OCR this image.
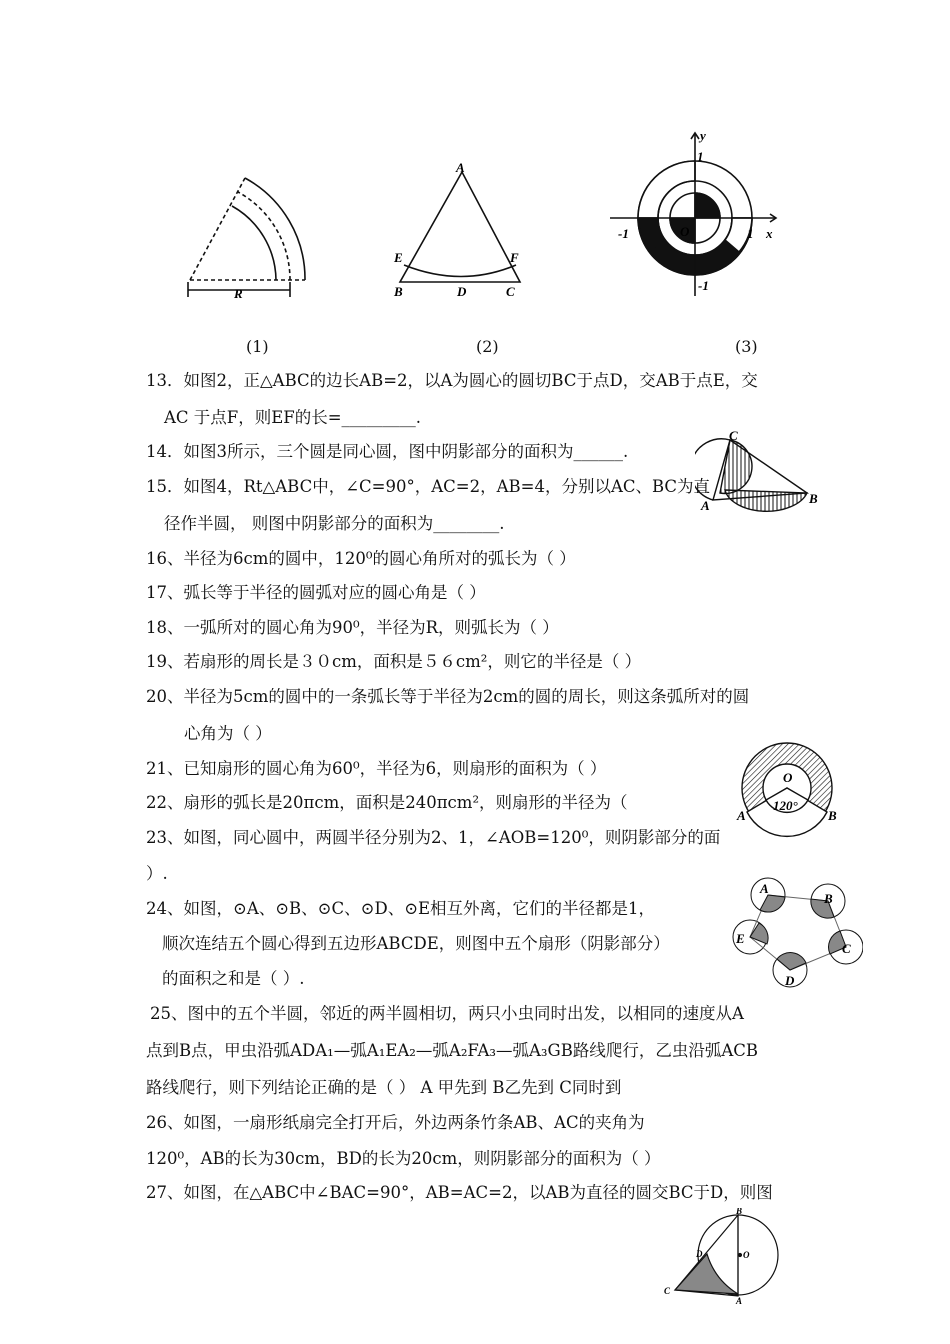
R
A
E	F
B	D	C
y
x
1
-1	O	1
-1
(1)	(2)	(3)
C
A	B
O
120°
A	B
A
B
C
D
E
B
D	O
C
A
13．如图2，正△ABC的边长AB=2，以A为圆心的圆切BC于点D，交AB于点E，交
AC 于点F，则EF的长=_________.
14．如图3所示，三个圆是同心圆，图中阴影部分的面积为______.
15．如图4，Rt△ABC中，∠C=90°，AC=2，AB=4，分别以AC、BC为直
径作半圆， 则图中阴影部分的面积为________.
16、半径为6cm的圆中，120⁰的圆心角所对的弧长为（ ）
17、弧长等于半径的圆弧对应的圆心角是（ ）
18、一弧所对的圆心角为90⁰，半径为R，则弧长为（ ）
19、若扇形的周长是３０cm，面积是５６cm²，则它的半径是（ ）
20、半径为5cm的圆中的一条弧长等于半径为2cm的圆的周长，则这条弧所对的圆
心角为（ ）
21、已知扇形的圆心角为60⁰，半径为6，则扇形的面积为（ ）
22、扇形的弧长是20πcm，面积是240πcm²，则扇形的半径为（
23、如图，同心圆中，两圆半径分别为2、1，∠AOB=120⁰，则阴影部分的面
）.
24、如图，⊙A、⊙B、⊙C、⊙D、⊙E相互外离，它们的半径都是1，
顺次连结五个圆心得到五边形ABCDE，则图中五个扇形（阴影部分）
的面积之和是（ ）.
25、图中的五个半圆，邻近的两半圆相切，两只小虫同时出发，以相同的速度从A
点到B点，甲虫沿弧ADA₁—弧A₁EA₂—弧A₂FA₃—弧A₃GB路线爬行，乙虫沿弧ACB
路线爬行，则下列结论正确的是（ ） A 甲先到 B乙先到 C同时到
26、如图，一扇形纸扇完全打开后，外边两条竹条AB、AC的夹角为
120⁰，AB的长为30cm，BD的长为20cm，则阴影部分的面积为（ ）
27、如图，在△ABC中∠BAC=90°，AB=AC=2，以AB为直径的圆交BC于D，则图
